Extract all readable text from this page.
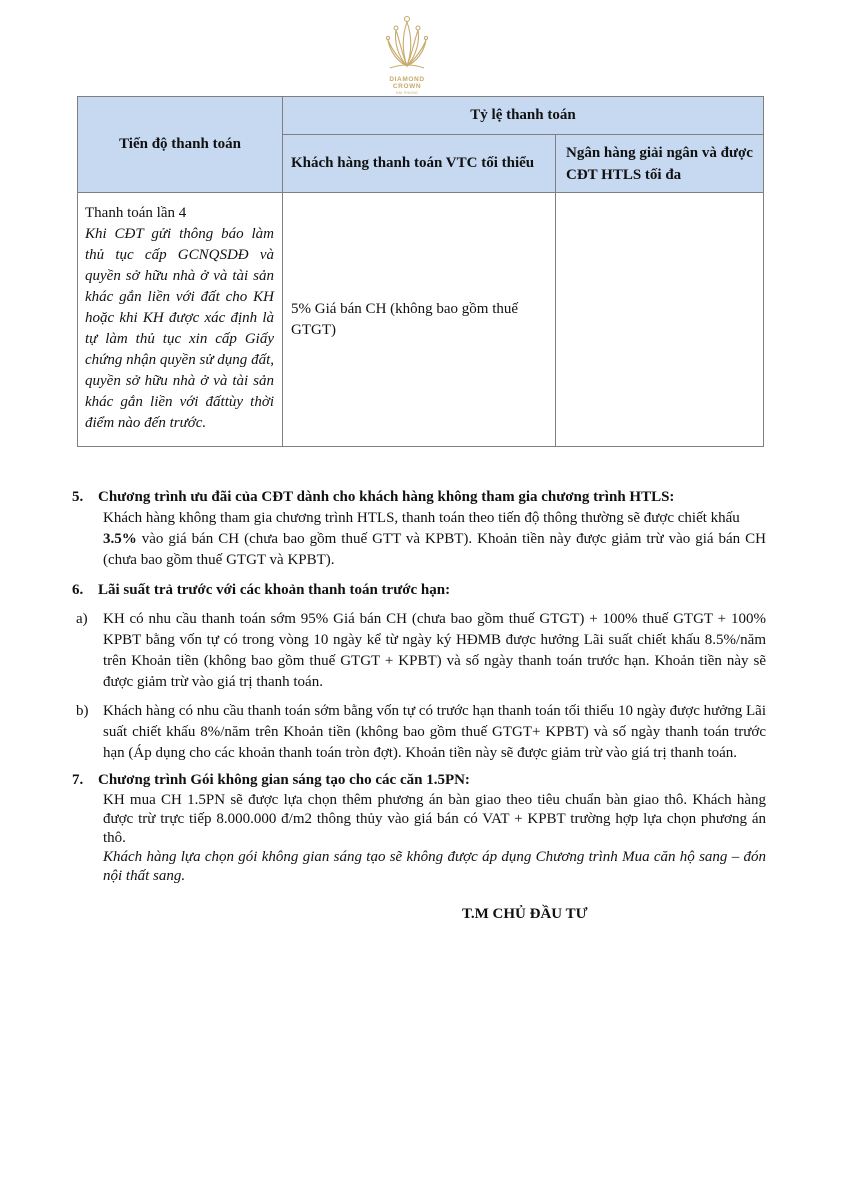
DIAMOND
CROWN
HAI PHONG
Tiến độ thanh toán	Tỷ lệ thanh toán	
	Khách hàng thanh toán VTC tối thiểu	Ngân hàng giải ngân và được CĐT HTLS tối đa

Thanh toán lần 4
Khi CĐT gửi thông báo làm thủ tục cấp GCNQSDĐ và quyền sở hữu nhà ở và tài sản khác gắn liền với đất cho KH hoặc khi KH được xác định là tự làm thủ tục xin cấp Giấy chứng nhận quyền sử dụng đất, quyền sở hữu nhà ở và tài sản khác gắn liền với đấttùy thời điểm nào đến trước.	5% Giá bán CH (không bao gồm thuế GTGT)	
5. Chương trình ưu đãi của CĐT dành cho khách hàng không tham gia chương trình HTLS:
Khách hàng không tham gia chương trình HTLS, thanh toán theo tiến độ thông thường sẽ được chiết khấu
3.5% vào giá bán CH (chưa bao gồm thuế GTT và KPBT). Khoản tiền này được giảm trừ vào giá bán CH (chưa bao gồm thuế GTGT và KPBT).
6. Lãi suất trả trước với các khoản thanh toán trước hạn:
a)	KH có nhu cầu thanh toán sớm 95% Giá bán CH (chưa bao gồm thuế GTGT) + 100% thuế GTGT + 100% KPBT bằng vốn tự có trong vòng 10 ngày kể từ ngày ký HĐMB được hưởng Lãi suất chiết khấu 8.5%/năm trên Khoản tiền (không bao gồm thuế GTGT + KPBT) và số ngày thanh toán trước hạn. Khoản tiền này sẽ được giảm trừ vào giá trị thanh toán.
b) Khách hàng có nhu cầu thanh toán sớm bằng vốn tự có trước hạn thanh toán tối thiểu 10 ngày được hưởng Lãi suất chiết khấu 8%/năm trên Khoản tiền (không bao gồm thuế GTGT+ KPBT) và số ngày thanh toán trước hạn (Áp dụng cho các khoản thanh toán tròn đợt). Khoản tiền này sẽ được giảm trừ vào giá trị thanh toán.
7. Chương trình Gói không gian sáng tạo cho các căn 1.5PN:
KH mua CH 1.5PN sẽ được lựa chọn thêm phương án bàn giao theo tiêu chuẩn bàn giao thô. Khách hàng được trừ trực tiếp 8.000.000 đ/m2 thông thủy vào giá bán có VAT + KPBT trường hợp lựa chọn phương án thô.
Khách hàng lựa chọn gói không gian sáng tạo sẽ không được áp dụng Chương trình Mua căn hộ sang – đón nội thất sang.
T.M CHỦ ĐẦU TƯ
